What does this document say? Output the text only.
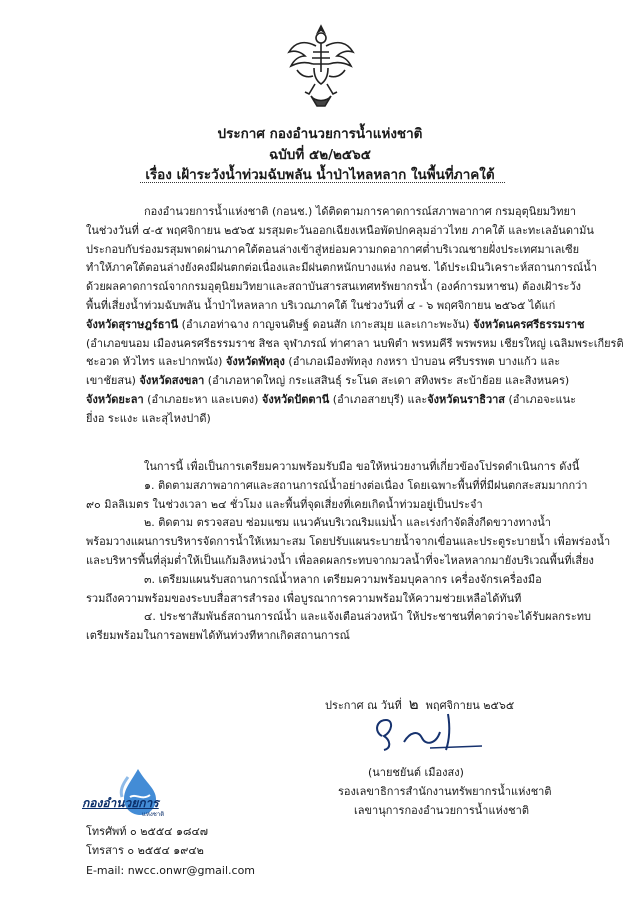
ประกาศ กองอำนวยการน้ำแห่งชาติ
ฉบับที่ ๕๒/๒๕๖๕
เรื่อง เฝ้าระวังน้ำท่วมฉับพลัน น้ำป่าไหลหลาก ในพื้นที่ภาคใต้
กองอำนวยการน้ำแห่งชาติ (กอนช.) ได้ติดตามการคาดการณ์สภาพอากาศ กรมอุตุนิยมวิทยา
ในช่วงวันที่ ๔-๕ พฤศจิกายน ๒๕๖๕ มรสุมตะวันออกเฉียงเหนือพัดปกคลุมอ่าวไทย ภาคใต้ และทะเลอันดามัน
ประกอบกับร่องมรสุมพาดผ่านภาคใต้ตอนล่างเข้าสู่หย่อมความกดอากาศต่ำบริเวณชายฝั่งประเทศมาเลเซีย
ทำให้ภาคใต้ตอนล่างยังคงมีฝนตกต่อเนื่องและมีฝนตกหนักบางแห่ง กอนช. ได้ประเมินวิเคราะห์สถานการณ์น้ำ
ด้วยผลคาดการณ์จากกรมอุตุนิยมวิทยาและสถาบันสารสนเทศทรัพยากรน้ำ (องค์การมหาชน) ต้องเฝ้าระวัง
พื้นที่เสี่ยงน้ำท่วมฉับพลัน น้ำป่าไหลหลาก บริเวณภาคใต้ ในช่วงวันที่ ๔ - ๖ พฤศจิกายน ๒๕๖๕ ได้แก่
จังหวัดสุราษฎร์ธานี (อำเภอท่าฉาง กาญจนดิษฐ์ ดอนสัก เกาะสมุย และเกาะพะงัน) จังหวัดนครศรีธรรมราช
(อำเภอขนอม เมืองนครศรีธรรมราช สิชล จุฬาภรณ์ ท่าศาลา นบพิตำ พรหมคีรี พรพรหม เชียรใหญ่ เฉลิมพระเกียรติ
ชะอวด หัวไทร และปากพนัง) จังหวัดพัทลุง (อำเภอเมืองพัทลุง กงหรา ป่าบอน ศรีบรรพต บางแก้ว และ
เขาชัยสน) จังหวัดสงขลา (อำเภอหาดใหญ่ กระแสสินธุ์ ระโนด สะเดา สทิงพระ สะบ้าย้อย และสิงหนคร)
จังหวัดยะลา (อำเภอยะหา และเบตง) จังหวัดปัตตานี (อำเภอสายบุรี) และจังหวัดนราธิวาส (อำเภอจะแนะ
ยี่งอ ระแงะ และสุไหงปาดี)
ในการนี้ เพื่อเป็นการเตรียมความพร้อมรับมือ ขอให้หน่วยงานที่เกี่ยวข้องโปรดดำเนินการ ดังนี้
๑. ติดตามสภาพอากาศและสถานการณ์น้ำอย่างต่อเนื่อง โดยเฉพาะพื้นที่ที่มีฝนตกสะสมมากกว่า
๙๐ มิลลิเมตร ในช่วงเวลา ๒๔ ชั่วโมง และพื้นที่จุดเสี่ยงที่เคยเกิดน้ำท่วมอยู่เป็นประจำ
๒. ติดตาม ตรวจสอบ ซ่อมแซม แนวคันบริเวณริมแม่น้ำ และเร่งกำจัดสิ่งกีดขวางทางน้ำ
พร้อมวางแผนการบริหารจัดการน้ำให้เหมาะสม โดยปรับแผนระบายน้ำจากเขื่อนและประตูระบายน้ำ เพื่อพร่องน้ำ
และบริหารพื้นที่ลุ่มต่ำให้เป็นแก้มลิงหน่วงน้ำ เพื่อลดผลกระทบจากมวลน้ำที่จะไหลหลากมายังบริเวณพื้นที่เสี่ยง
๓. เตรียมแผนรับสถานการณ์น้ำหลาก เตรียมความพร้อมบุคลากร เครื่องจักรเครื่องมือ
รวมถึงความพร้อมของระบบสื่อสารสำรอง เพื่อบูรณาการความพร้อมให้ความช่วยเหลือได้ทันที
๔. ประชาสัมพันธ์สถานการณ์น้ำ และแจ้งเตือนล่วงหน้า ให้ประชาชนที่คาดว่าจะได้รับผลกระทบ
เตรียมพร้อมในการอพยพได้ทันท่วงทีหากเกิดสถานการณ์
ประกาศ ณ วันที่ ๒ พฤศจิกายน ๒๕๖๕
(นายชยันต์ เมืองสง)
รองเลขาธิการสำนักงานทรัพยากรน้ำแห่งชาติ
เลขานุการกองอำนวยการน้ำแห่งชาติ
กองอำนวยการ
แห่งชาติ
โทรศัพท์ ๐ ๒๕๕๔ ๑๘๔๗
โทรสาร ๐ ๒๕๕๔ ๑๙๔๒
E-mail: nwcc.onwr@gmail.com
